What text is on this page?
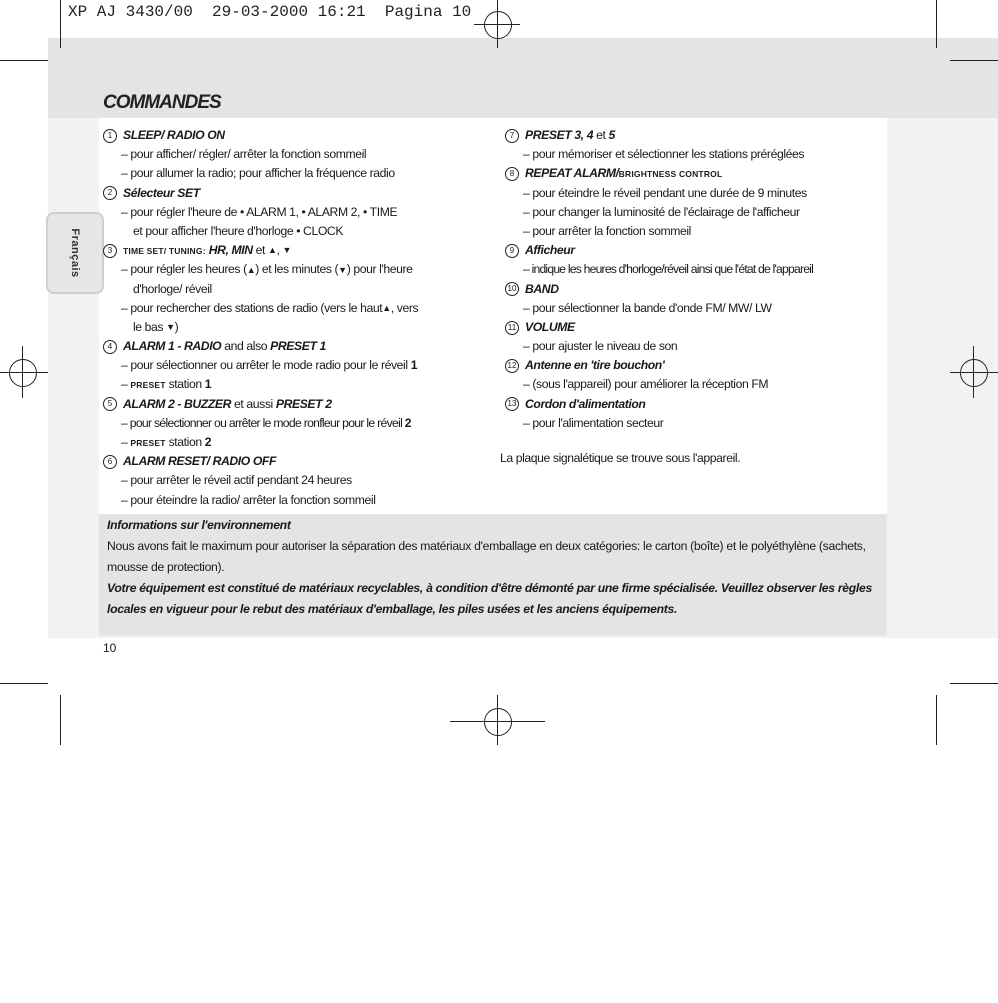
XP AJ 3430/00  29-03-2000 16:21  Pagina 10
Français
COMMANDES
1 SLEEP/ RADIO ON
– pour afficher/ régler/ arrêter la fonction sommeil
– pour allumer la radio; pour afficher la fréquence radio
2 Sélecteur SET
– pour régler l'heure de • ALARM 1, • ALARM 2, • TIME
et pour afficher l'heure d'horloge • CLOCK
3 TIME SET/ TUNING: HR, MIN et ▲, ▼
– pour régler les heures (▲) et les minutes (▼) pour l'heure
d'horloge/ réveil
– pour rechercher des stations de radio (vers le haut▲, vers
le bas ▼)
4 ALARM 1 - RADIO and also PRESET 1
– pour sélectionner ou arrêter le mode radio pour le réveil 1
– PRESET station 1
5 ALARM 2 - BUZZER et aussi PRESET 2
– pour sélectionner ou arrêter le mode ronfleur pour le réveil 2
– PRESET station 2
6 ALARM RESET/ RADIO OFF
– pour arrêter le réveil actif pendant 24 heures
– pour éteindre la radio/ arrêter la fonction sommeil
7 PRESET 3, 4 et 5
– pour mémoriser et sélectionner les stations préréglées
8 REPEAT ALARM/BRIGHTNESS CONTROL
– pour éteindre le réveil pendant une durée de 9 minutes
– pour changer la luminosité de l'éclairage de l'afficheur
– pour arrêter la fonction sommeil
9 Afficheur
– indique les heures d'horloge/réveil ainsi que l'état de l'appareil
10 BAND
– pour sélectionner la bande d'onde FM/ MW/ LW
11 VOLUME
– pour ajuster le niveau de son
12 Antenne en 'tire bouchon'
– (sous l'appareil) pour améliorer la réception FM
13 Cordon d'alimentation
– pour l'alimentation secteur
La plaque signalétique se trouve sous l'appareil.
Informations sur l'environnement
Nous avons fait le maximum pour autoriser la séparation des matériaux d'emballage en deux catégories: le carton (boîte) et le polyéthylène (sachets, mousse de protection).
Votre équipement est constitué de matériaux recyclables, à condition d'être démonté par une firme spécialisée. Veuillez observer les règles locales en vigueur pour le rebut des matériaux d'emballage, les piles usées et les anciens équipements.
10
